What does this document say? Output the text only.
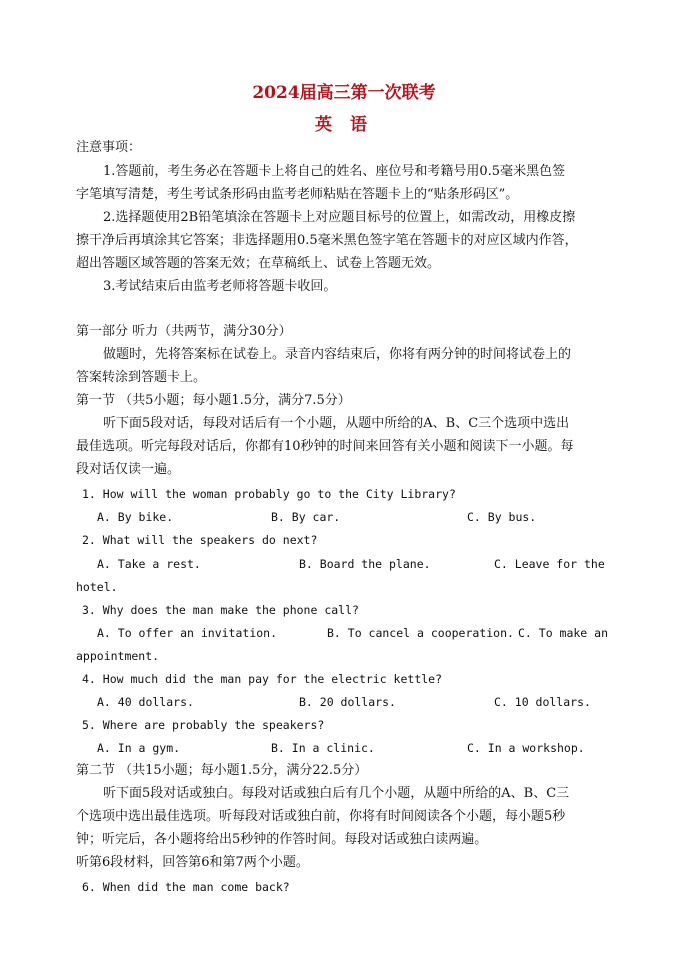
2024届高三第一次联考
英 语
注意事项：
1.答题前，考生务必在答题卡上将自己的姓名、座位号和考籍号用0.5毫米黑色签
字笔填写清楚，考生考试条形码由监考老师粘贴在答题卡上的“贴条形码区”。
2.选择题使用2B铅笔填涂在答题卡上对应题目标号的位置上，如需改动，用橡皮擦
擦干净后再填涂其它答案；非选择题用0.5毫米黑色签字笔在答题卡的对应区域内作答，
超出答题区域答题的答案无效；在草稿纸上、试卷上答题无效。
3.考试结束后由监考老师将答题卡收回。
第一部分 听力（共两节，满分30分）
做题时，先将答案标在试卷上。录音内容结束后，你将有两分钟的时间将试卷上的
答案转涂到答题卡上。
第一节 （共5小题；每小题1.5分，满分7.5分）
听下面5段对话，每段对话后有一个小题，从题中所给的A、B、C三个选项中选出
最佳选项。听完每段对话后，你都有10秒钟的时间来回答有关小题和阅读下一小题。每
段对话仅读一遍。
1. How will the woman probably go to the City Library?
A. By bike.	B. By car.	C. By bus.
2. What will the speakers do next?
A. Take a rest.	B. Board the plane.	C. Leave for the
hotel.
3. Why does the man make the phone call?
A. To offer an invitation.	B. To cancel a cooperation. C. To make an
appointment.
4. How much did the man pay for the electric kettle?
A. 40 dollars.	B. 20 dollars.	C. 10 dollars.
5. Where are probably the speakers?
A. In a gym.	B. In a clinic.	C. In a workshop.
第二节 （共15小题；每小题1.5分，满分22.5分）
听下面5段对话或独白。每段对话或独白后有几个小题，从题中所给的A、B、C三
个选项中选出最佳选项。听每段对话或独白前，你将有时间阅读各个小题，每小题5秒
钟；听完后，各小题将给出5秒钟的作答时间。每段对话或独白读两遍。
听第6段材料，回答第6和第7两个小题。
6. When did the man come back?
